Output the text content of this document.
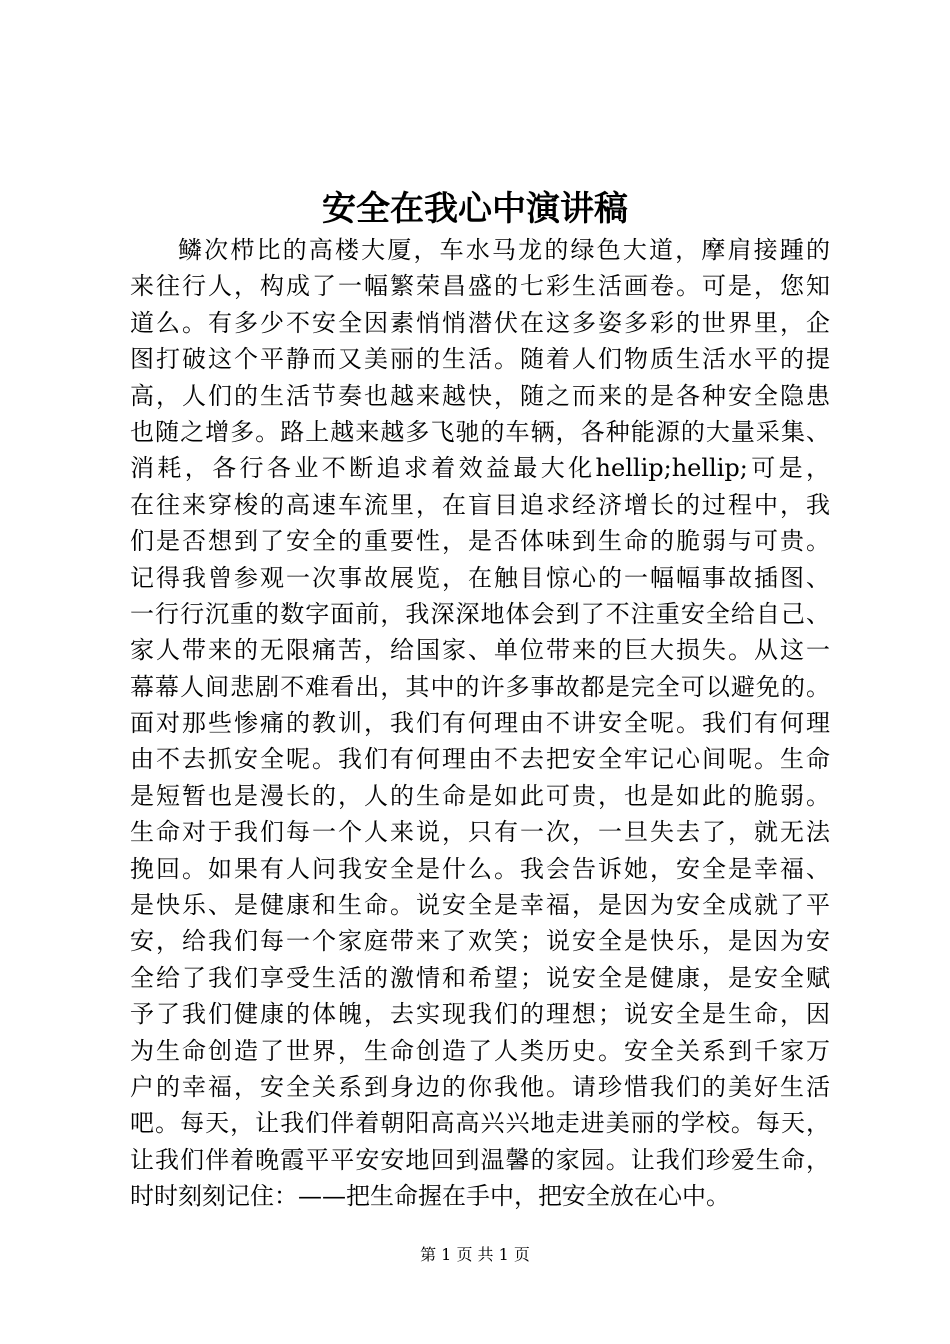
安全在我心中演讲稿
鳞次栉比的高楼大厦，车水马龙的绿色大道，摩肩接踵的
来往行人，构成了一幅繁荣昌盛的七彩生活画卷。可是，您知
道么。有多少不安全因素悄悄潜伏在这多姿多彩的世界里，企
图打破这个平静而又美丽的生活。随着人们物质生活水平的提
高，人们的生活节奏也越来越快，随之而来的是各种安全隐患
也随之增多。路上越来越多飞驰的车辆，各种能源的大量采集、
消耗，各行各业不断追求着效益最大化hellip;hellip;可是，
在往来穿梭的高速车流里，在盲目追求经济增长的过程中，我
们是否想到了安全的重要性，是否体味到生命的脆弱与可贵。
记得我曾参观一次事故展览，在触目惊心的一幅幅事故插图、
一行行沉重的数字面前，我深深地体会到了不注重安全给自己、
家人带来的无限痛苦，给国家、单位带来的巨大损失。从这一
幕幕人间悲剧不难看出，其中的许多事故都是完全可以避免的。
面对那些惨痛的教训，我们有何理由不讲安全呢。我们有何理
由不去抓安全呢。我们有何理由不去把安全牢记心间呢。生命
是短暂也是漫长的，人的生命是如此可贵，也是如此的脆弱。
生命对于我们每一个人来说，只有一次，一旦失去了，就无法
挽回。如果有人问我安全是什么。我会告诉她，安全是幸福、
是快乐、是健康和生命。说安全是幸福，是因为安全成就了平
安，给我们每一个家庭带来了欢笑；说安全是快乐，是因为安
全给了我们享受生活的激情和希望；说安全是健康，是安全赋
予了我们健康的体魄，去实现我们的理想；说安全是生命，因
为生命创造了世界，生命创造了人类历史。安全关系到千家万
户的幸福，安全关系到身边的你我他。请珍惜我们的美好生活
吧。每天，让我们伴着朝阳高高兴兴地走进美丽的学校。每天，
让我们伴着晚霞平平安安地回到温馨的家园。让我们珍爱生命，
时时刻刻记住：——把生命握在手中，把安全放在心中。
第 1 页 共 1 页
